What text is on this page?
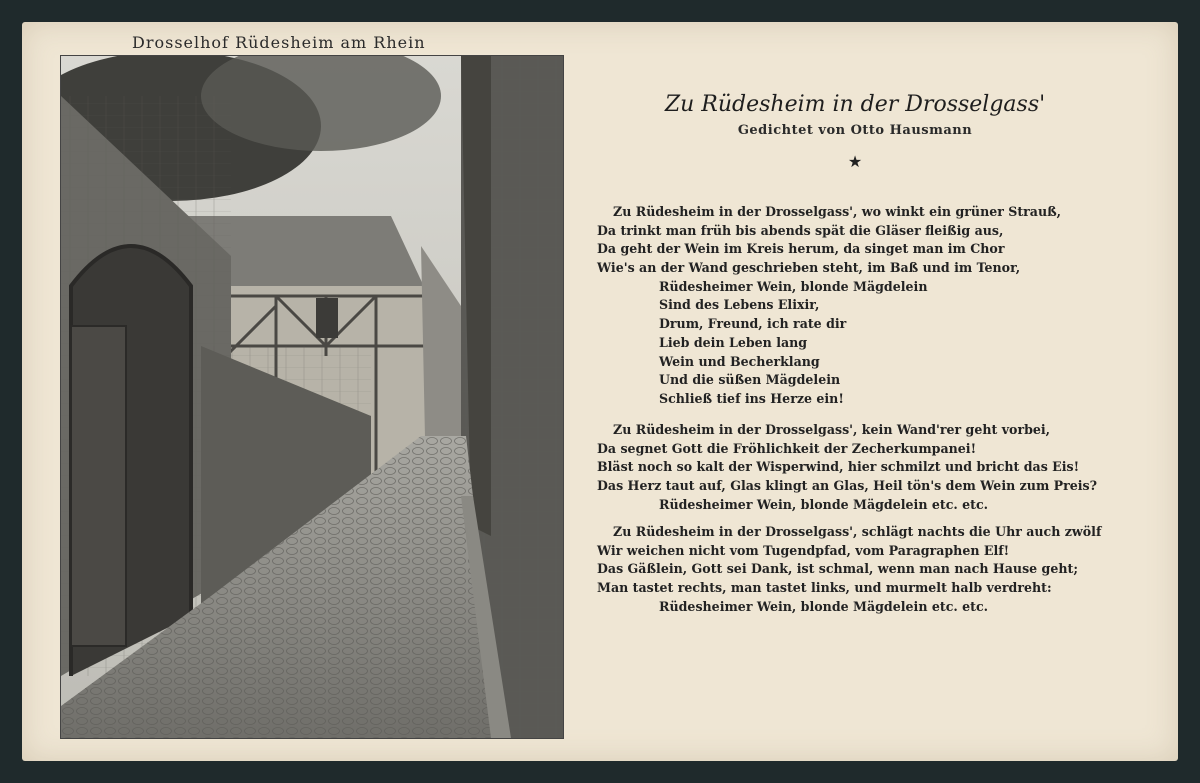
Drosselhof Rüdesheim am Rhein
Zu Rüdesheim in der Drosselgass'
Gedichtet von Otto Hausmann
★
Zu Rüdesheim in der Drosselgass', wo winkt ein grüner Strauß,
Da trinkt man früh bis abends spät die Gläser fleißig aus,
Da geht der Wein im Kreis herum, da singet man im Chor
Wie's an der Wand geschrieben steht, im Baß und im Tenor,
Rüdesheimer Wein, blonde Mägdelein
Sind des Lebens Elixir,
Drum, Freund, ich rate dir
Lieb dein Leben lang
Wein und Becherklang
Und die süßen Mägdelein
Schließ tief ins Herze ein!
Zu Rüdesheim in der Drosselgass', kein Wand'rer geht vorbei,
Da segnet Gott die Fröhlichkeit der Zecherkumpanei!
Bläst noch so kalt der Wisperwind, hier schmilzt und bricht das Eis!
Das Herz taut auf, Glas klingt an Glas, Heil tön's dem Wein zum Preis?
Rüdesheimer Wein, blonde Mägdelein etc. etc.
Zu Rüdesheim in der Drosselgass', schlägt nachts die Uhr auch zwölf
Wir weichen nicht vom Tugendpfad, vom Paragraphen Elf!
Das Gäßlein, Gott sei Dank, ist schmal, wenn man nach Hause geht;
Man tastet rechts, man tastet links, und murmelt halb verdreht:
Rüdesheimer Wein, blonde Mägdelein etc. etc.
